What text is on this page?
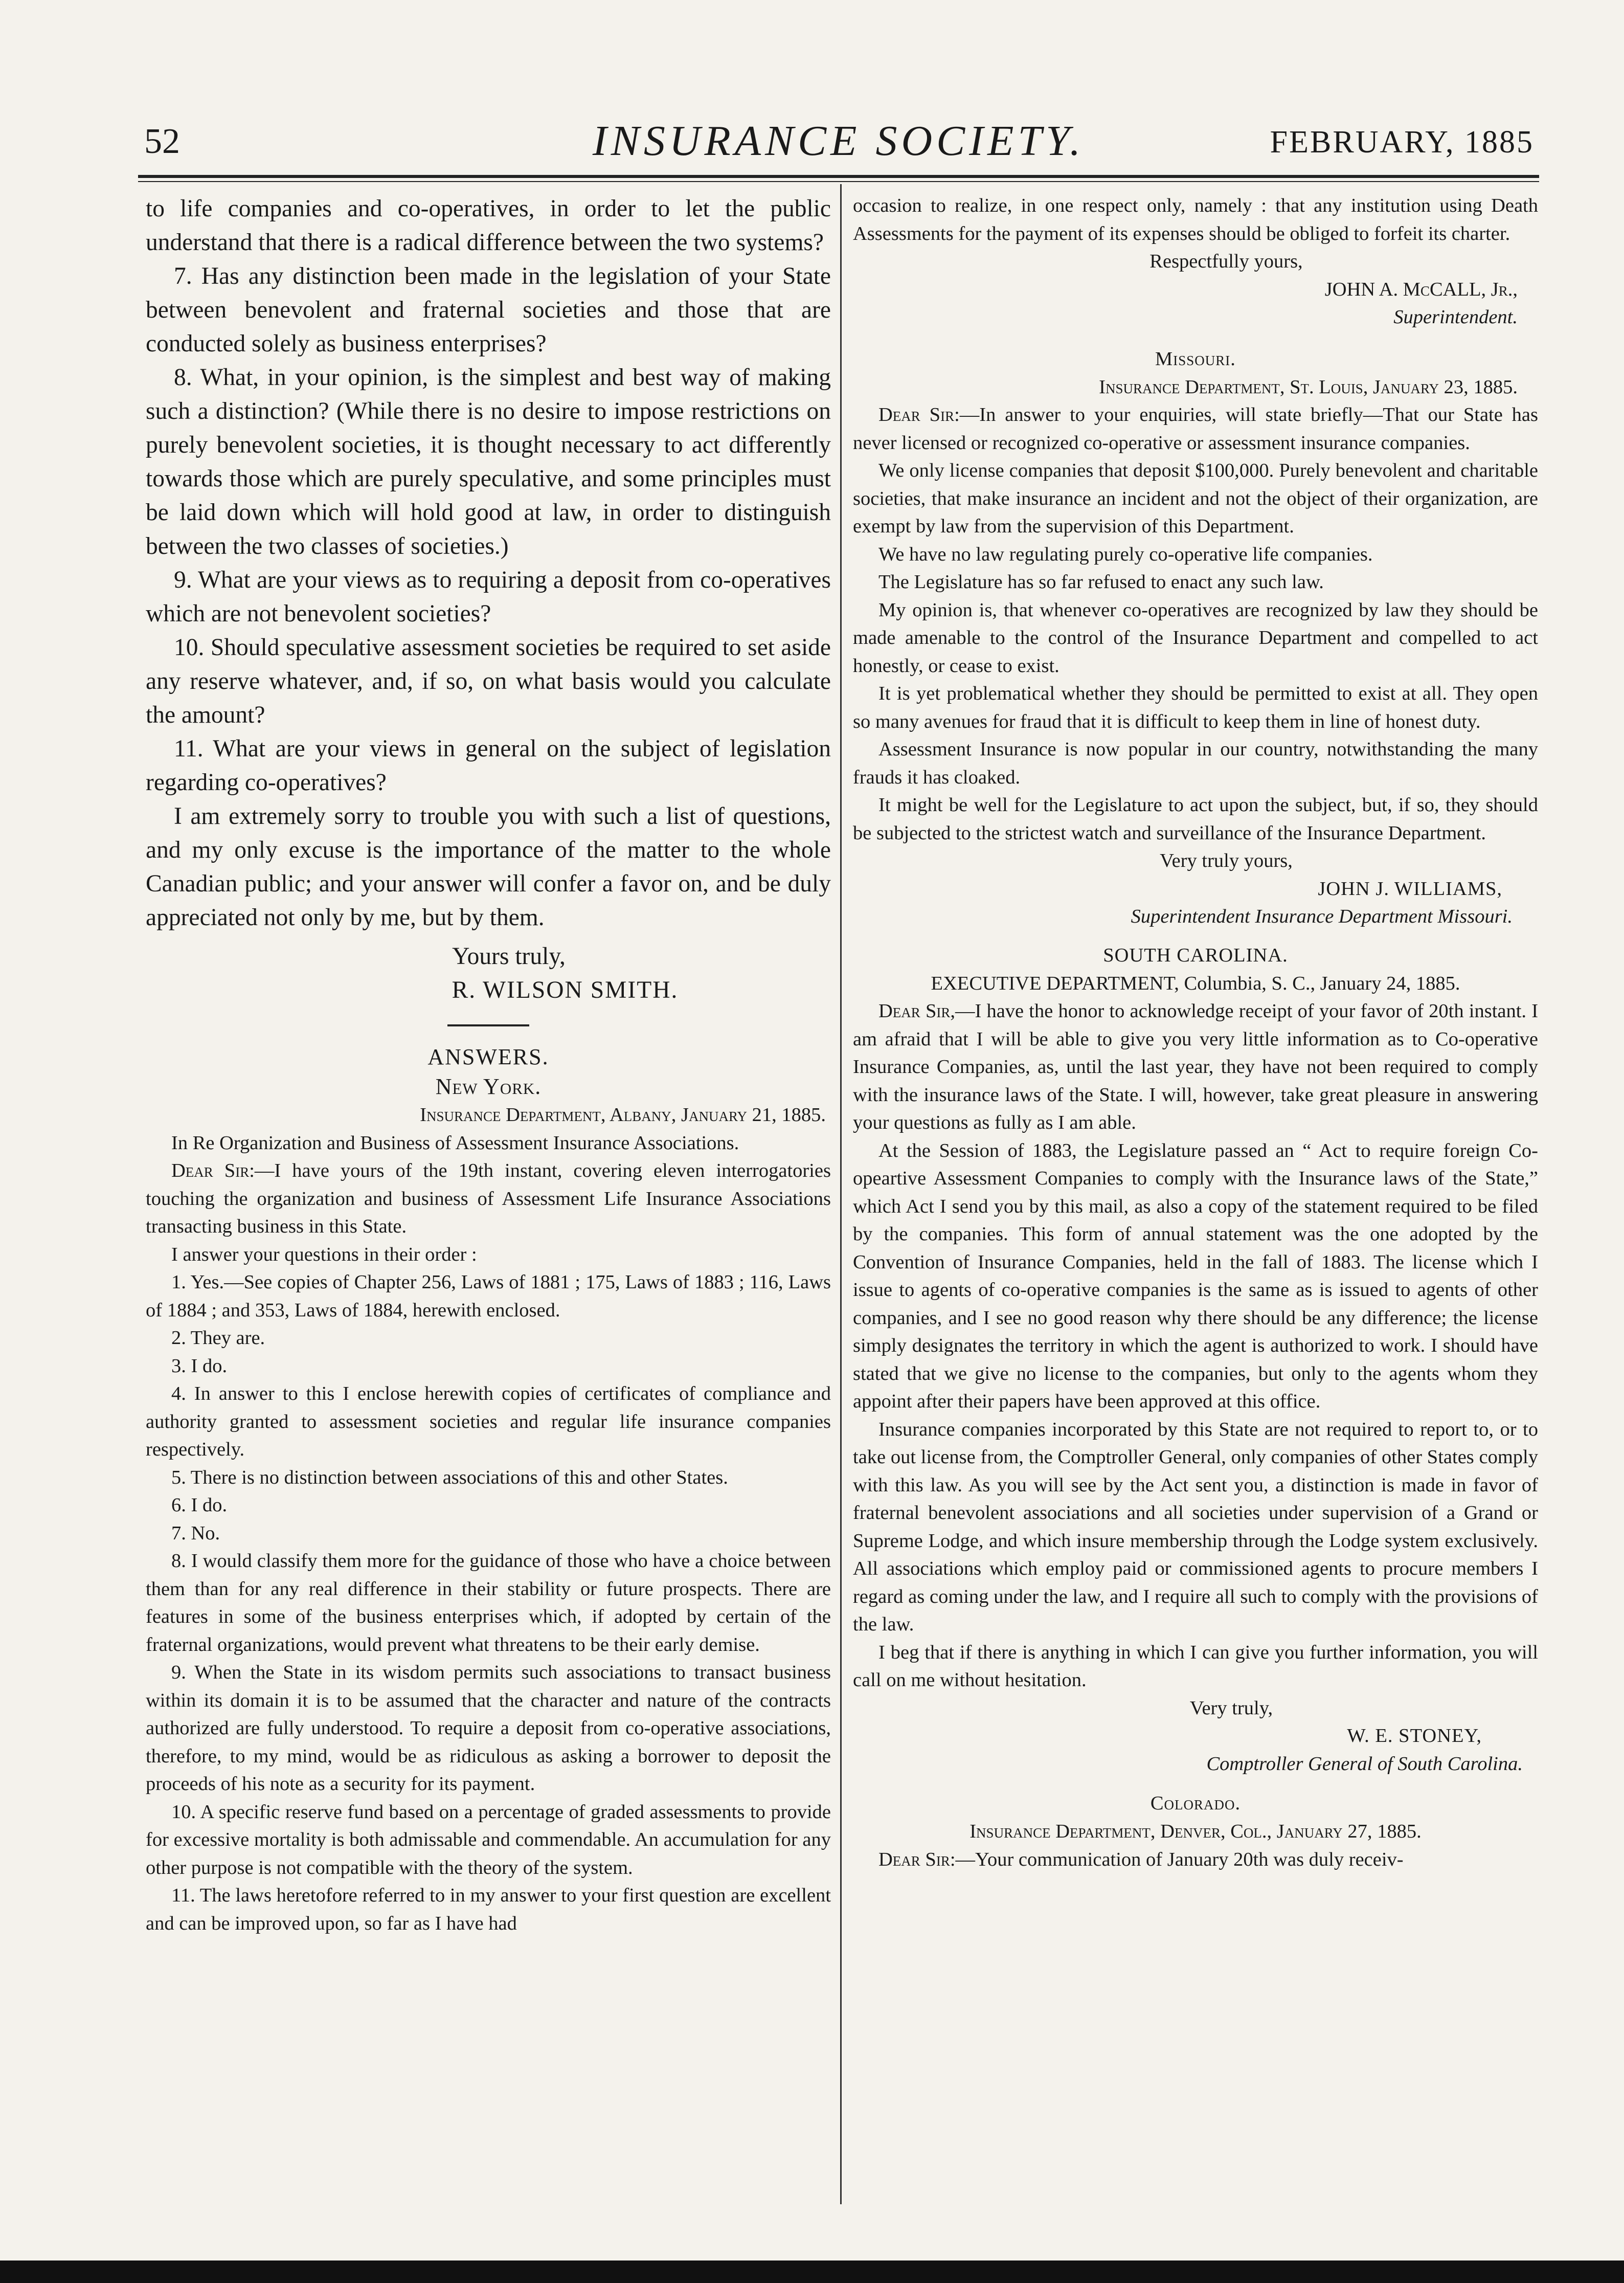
52	INSURANCE SOCIETY.	FEBRUARY, 1885

to life companies and co-operatives, in order to let the public understand that there is a radical difference between the two systems?

7. Has any distinction been made in the legislation of your State between benevolent and fraternal societies and those that are conducted solely as business enterprises?

8. What, in your opinion, is the simplest and best way of making such a distinction? (While there is no desire to impose restrictions on purely benevolent societies, it is thought necessary to act differently towards those which are purely speculative, and some principles must be laid down which will hold good at law, in order to distinguish between the two classes of societies.)

9. What are your views as to requiring a deposit from co-operatives which are not benevolent societies?

10. Should speculative assessment societies be required to set aside any reserve whatever, and, if so, on what basis would you calculate the amount?

11. What are your views in general on the subject of legislation regarding co-operatives?

I am extremely sorry to trouble you with such a list of questions, and my only excuse is the importance of the matter to the whole Canadian public; and your answer will confer a favor on, and be duly appreciated not only by me, but by them.

Yours truly,

R. WILSON SMITH.

ANSWERS.
New York.

Insurance Department, Albany, January 21, 1885.

In Re Organization and Business of Assessment Insurance Associations.

Dear Sir:—I have yours of the 19th instant, covering eleven interrogatories touching the organization and business of Assessment Life Insurance Associations transacting business in this State.

I answer your questions in their order :

1. Yes.—See copies of Chapter 256, Laws of 1881 ; 175, Laws of 1883 ; 116, Laws of 1884 ; and 353, Laws of 1884, herewith enclosed.

2. They are.

3. I do.

4. In answer to this I enclose herewith copies of certificates of compliance and authority granted to assessment societies and regular life insurance companies respectively.

5. There is no distinction between associations of this and other States.

6. I do.

7. No.

8. I would classify them more for the guidance of those who have a choice between them than for any real difference in their stability or future prospects. There are features in some of the business enterprises which, if adopted by certain of the fraternal organizations, would prevent what threatens to be their early demise.

9. When the State in its wisdom permits such associations to transact business within its domain it is to be assumed that the character and nature of the contracts authorized are fully understood. To require a deposit from co-operative associations, therefore, to my mind, would be as ridiculous as asking a borrower to deposit the proceeds of his note as a security for its payment.

10. A specific reserve fund based on a percentage of graded assessments to provide for excessive mortality is both admissable and commendable. An accumulation for any other purpose is not compatible with the theory of the system.

11. The laws heretofore referred to in my answer to your first question are excellent and can be improved upon, so far as I have had

occasion to realize, in one respect only, namely : that any institution using Death Assessments for the payment of its expenses should be obliged to forfeit its charter.

Respectfully yours,

JOHN A. McCALL, Jr.,

Superintendent.

Missouri.

Insurance Department, St. Louis, January 23, 1885.

Dear Sir:—In answer to your enquiries, will state briefly—That our State has never licensed or recognized co-operative or assessment insurance companies.

We only license companies that deposit $100,000. Purely benevolent and charitable societies, that make insurance an incident and not the object of their organization, are exempt by law from the supervision of this Department.

We have no law regulating purely co-operative life companies.

The Legislature has so far refused to enact any such law.

My opinion is, that whenever co-operatives are recognized by law they should be made amenable to the control of the Insurance Department and compelled to act honestly, or cease to exist.

It is yet problematical whether they should be permitted to exist at all. They open so many avenues for fraud that it is difficult to keep them in line of honest duty.

Assessment Insurance is now popular in our country, notwithstanding the many frauds it has cloaked.

It might be well for the Legislature to act upon the subject, but, if so, they should be subjected to the strictest watch and surveillance of the Insurance Department.

Very truly yours,

JOHN J. WILLIAMS,

Superintendent Insurance Department Missouri.

SOUTH CAROLINA.

EXECUTIVE DEPARTMENT, Columbia, S. C., January 24, 1885.

Dear Sir,—I have the honor to acknowledge receipt of your favor of 20th instant. I am afraid that I will be able to give you very little information as to Co-operative Insurance Companies, as, until the last year, they have not been required to comply with the insurance laws of the State. I will, however, take great pleasure in answering your questions as fully as I am able.

At the Session of 1883, the Legislature passed an “ Act to require foreign Co-opeartive Assessment Companies to comply with the Insurance laws of the State,” which Act I send you by this mail, as also a copy of the statement required to be filed by the companies. This form of annual statement was the one adopted by the Convention of Insurance Companies, held in the fall of 1883. The license which I issue to agents of co-operative companies is the same as is issued to agents of other companies, and I see no good reason why there should be any difference; the license simply designates the territory in which the agent is authorized to work. I should have stated that we give no license to the companies, but only to the agents whom they appoint after their papers have been approved at this office.

Insurance companies incorporated by this State are not required to report to, or to take out license from, the Comptroller General, only companies of other States comply with this law. As you will see by the Act sent you, a distinction is made in favor of fraternal benevolent associations and all societies under supervision of a Grand or Supreme Lodge, and which insure membership through the Lodge system exclusively. All associations which employ paid or commissioned agents to procure members I regard as coming under the law, and I require all such to comply with the provisions of the law.

I beg that if there is anything in which I can give you further information, you will call on me without hesitation.

Very truly,

W. E. STONEY,

Comptroller General of South Carolina.

Colorado.

Insurance Department, Denver, Col., January 27, 1885.

Dear Sir:—Your communication of January 20th was duly receiv-
